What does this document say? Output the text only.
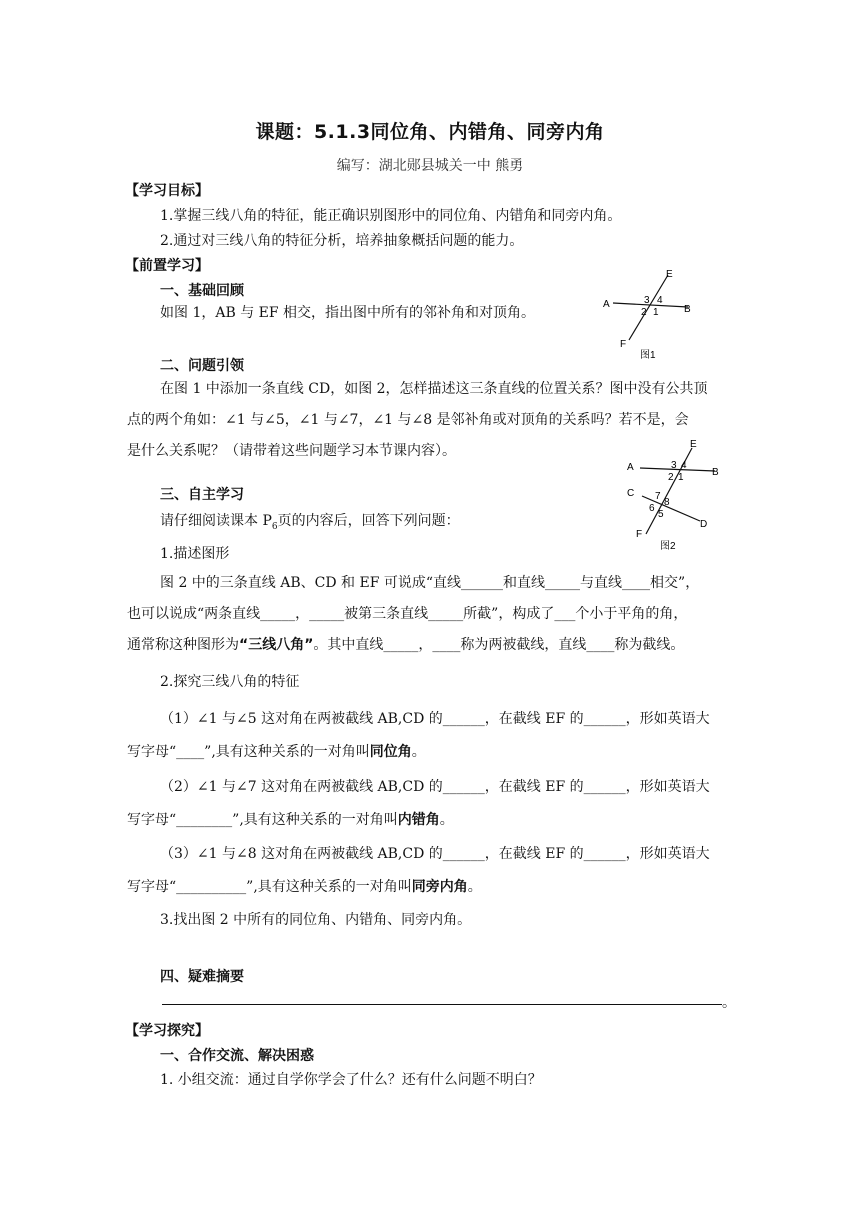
课题：5.1.3同位角、内错角、同旁内角
编写：湖北郧县城关一中 熊勇
【学习目标】
1.掌握三线八角的特征，能正确识别图形中的同位角、内错角和同旁内角。
2.通过对三线八角的特征分析，培养抽象概括问题的能力。
【前置学习】
一、基础回顾
如图 1，AB 与 EF 相交，指出图中所有的邻补角和对顶角。
A	B
E
F
3 4
2 1
图1
二、问题引领
在图 1 中添加一条直线 CD，如图 2，怎样描述这三条直线的位置关系？图中没有公共顶
点的两个角如：∠1 与∠5，∠1 与∠7，∠1 与∠8 是邻补角或对顶角的关系吗？若不是，会
是什么关系呢？（请带着这些问题学习本节课内容）。
A	B
C
D
E
F
3 4
2 1
7
8
6
5
图2
三、自主学习
请仔细阅读课本 $P_6$页的内容后，回答下列问题：
1.描述图形
图 2 中的三条直线 AB、CD 和 EF 可说成“直线______和直线_____与直线____相交”，
也可以说成“两条直线_____，_____被第三条直线_____所截”，构成了___个小于平角的角，
通常称这种图形为“三线八角”。其中直线_____，____称为两被截线，直线____称为截线。
2.探究三线八角的特征
（1）∠1 与∠5 这对角在两被截线 AB,CD 的______，在截线 EF 的______，形如英语大
写字母“____”,具有这种关系的一对角叫同位角。
（2）∠1 与∠7 这对角在两被截线 AB,CD 的______，在截线 EF 的______，形如英语大
写字母“________”,具有这种关系的一对角叫内错角。
（3）∠1 与∠8 这对角在两被截线 AB,CD 的______，在截线 EF 的______，形如英语大
写字母“__________”,具有这种关系的一对角叫同旁内角。
3.找出图 2 中所有的同位角、内错角、同旁内角。
四、疑难摘要
。
【学习探究】
一、合作交流、解决困惑
1. 小组交流：通过自学你学会了什么？还有什么问题不明白？
